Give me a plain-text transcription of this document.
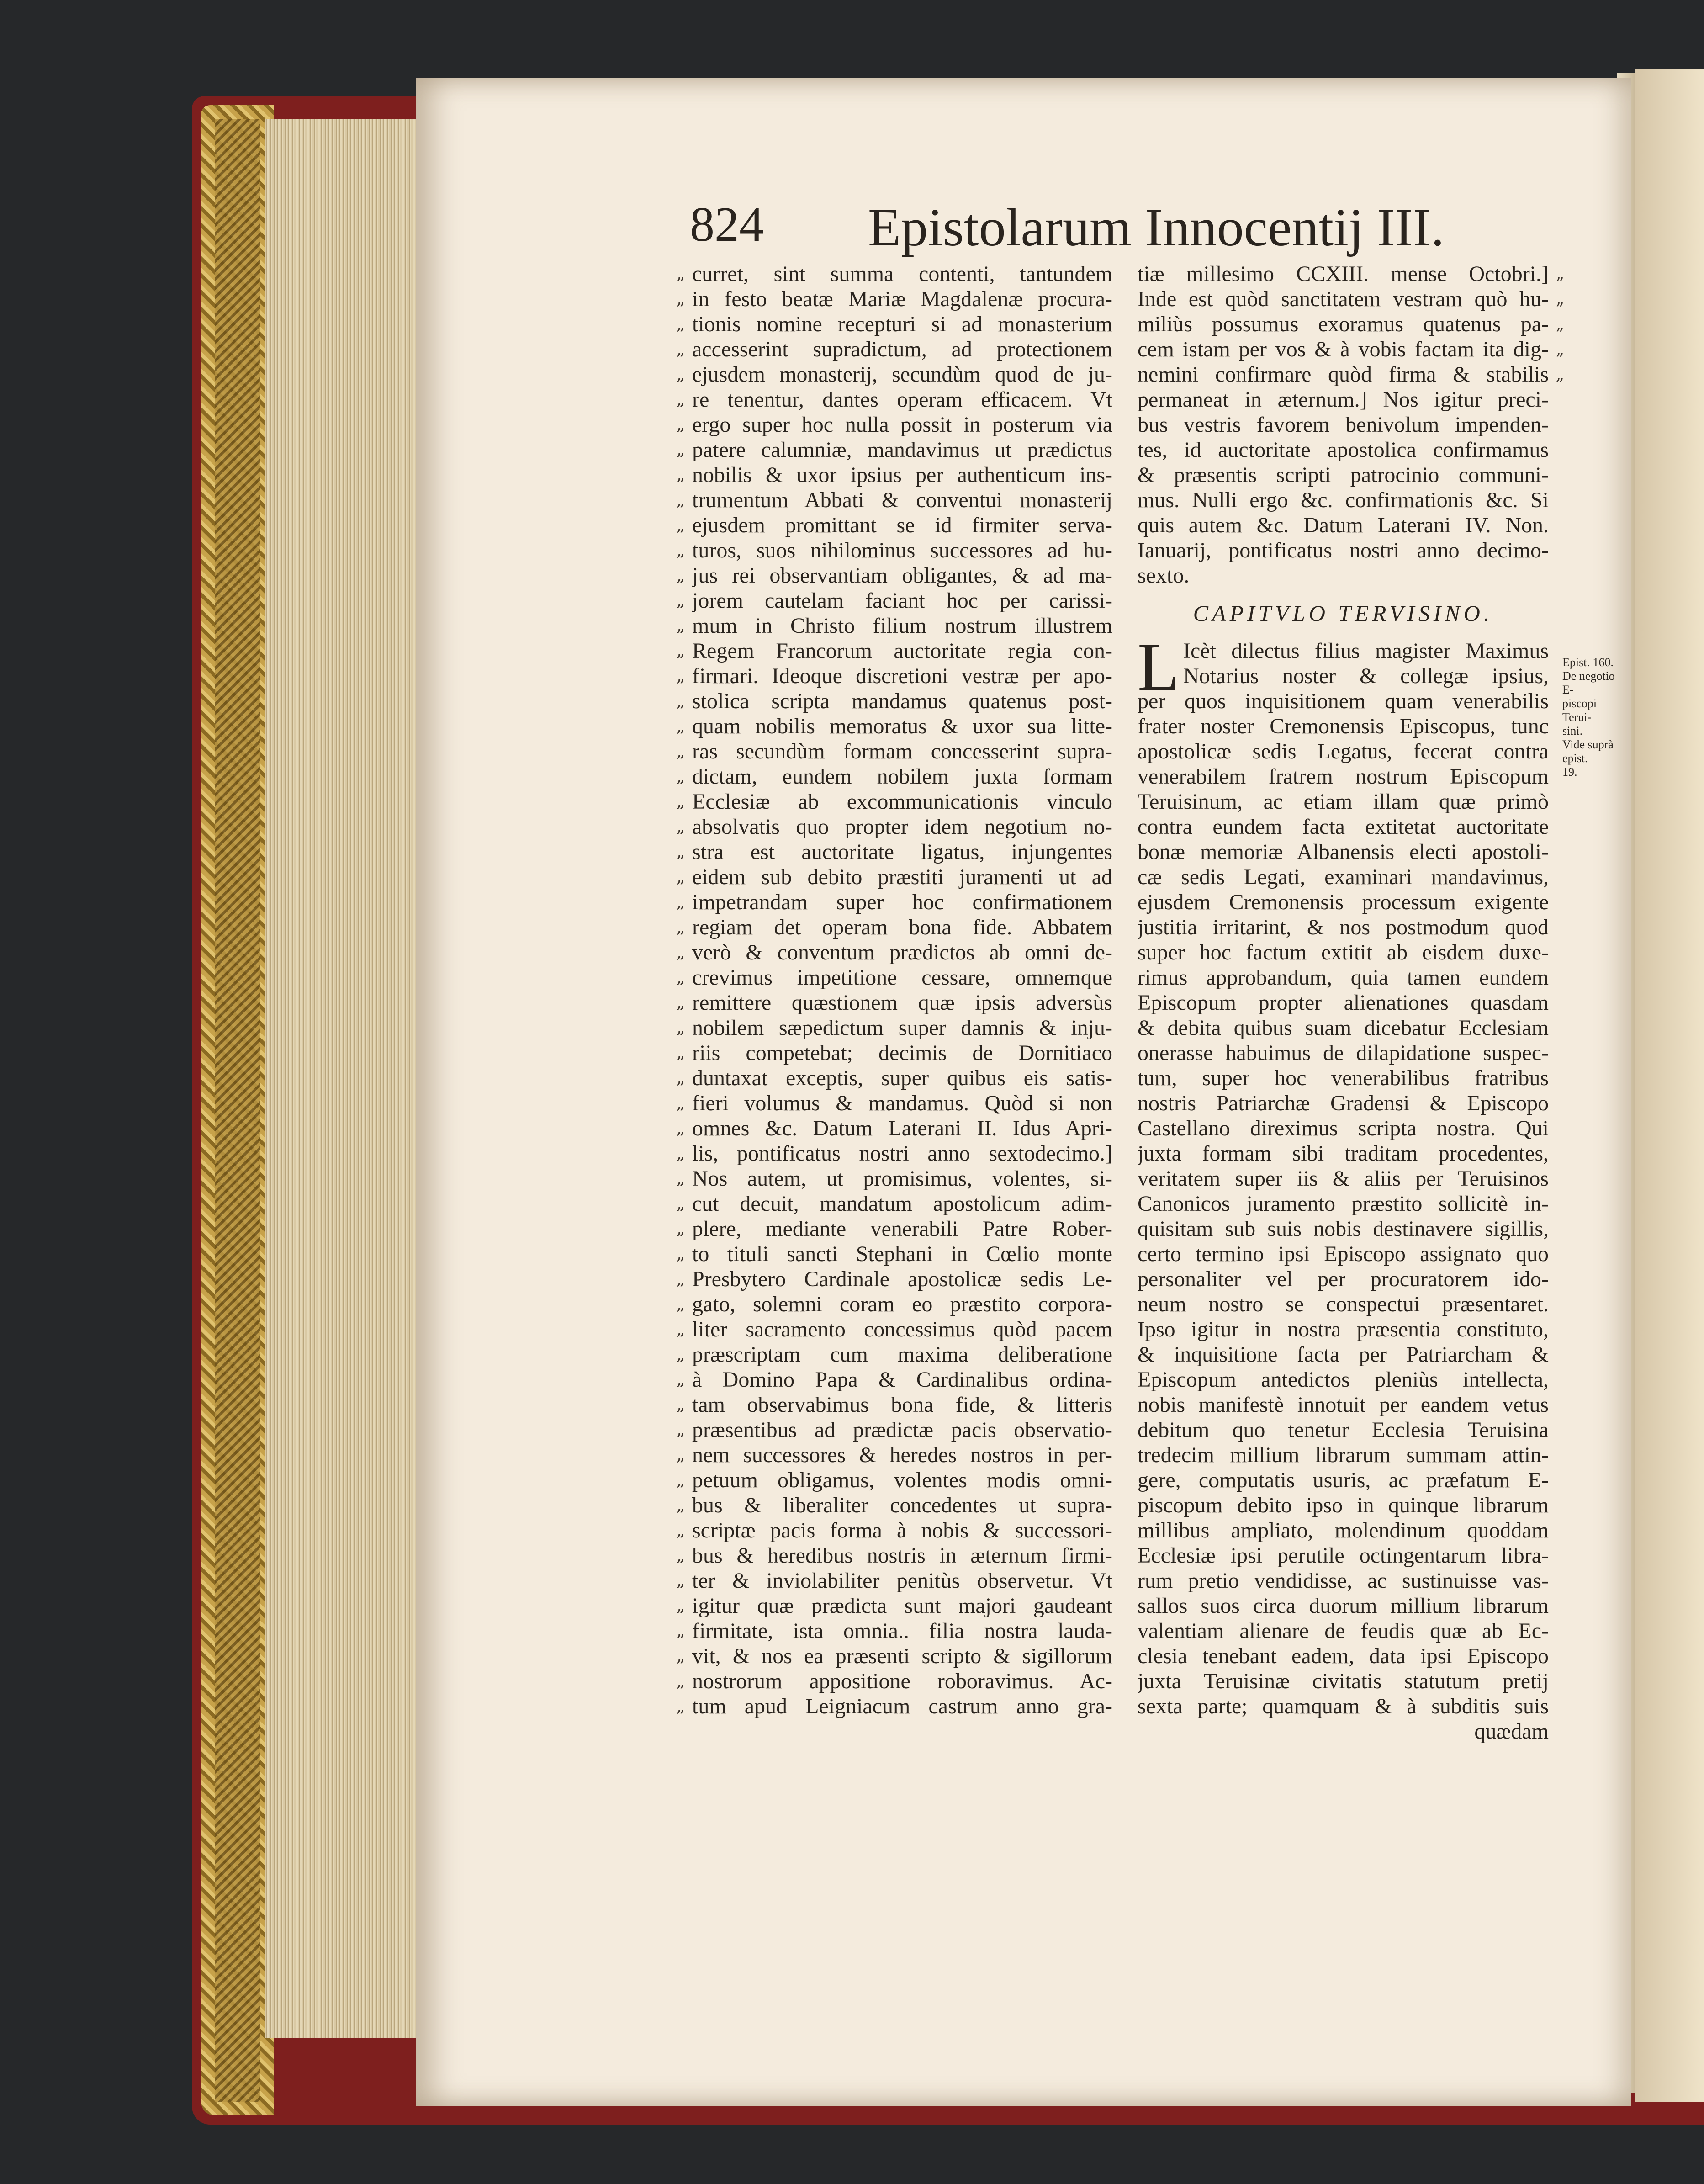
824 Epistolarum Innocentij III.
„
„
„
„
„
„
„
„
„
„
„
„
„
„
„
„
„
„
„
„
„
„
„
„
„
„
„
„
„
„
„
„
„
„
„
„
„
„
„
„
„
„
„
„
„
„
„
„
„
„
„
„
„
„
„
„
„
„
curret, sint summa contenti, tantundem
in festo beatæ Mariæ Magdalenæ procura-
tionis nomine recepturi si ad monasterium
accesserint supradictum, ad protectionem
ejusdem monasterij, secundùm quod de ju-
re tenentur, dantes operam efficacem. Vt
ergo super hoc nulla possit in posterum via
patere calumniæ, mandavimus ut prædictus
nobilis & uxor ipsius per authenticum ins-
trumentum Abbati & conventui monasterij
ejusdem promittant se id firmiter serva-
turos, suos nihilominus successores ad hu-
jus rei observantiam obligantes, & ad ma-
jorem cautelam faciant hoc per carissi-
mum in Christo filium nostrum illustrem
Regem Francorum auctoritate regia con-
firmari. Ideoque discretioni vestræ per apo-
stolica scripta mandamus quatenus post-
quam nobilis memoratus & uxor sua litte-
ras secundùm formam concesserint supra-
dictam, eundem nobilem juxta formam
Ecclesiæ ab excommunicationis vinculo
absolvatis quo propter idem negotium no-
stra est auctoritate ligatus, injungentes
eidem sub debito præstiti juramenti ut ad
impetrandam super hoc confirmationem
regiam det operam bona fide. Abbatem
verò & conventum prædictos ab omni de-
crevimus impetitione cessare, omnemque
remittere quæstionem quæ ipsis adversùs
nobilem sæpedictum super damnis & inju-
riis competebat; decimis de Dornitiaco
duntaxat exceptis, super quibus eis satis-
fieri volumus & mandamus. Quòd si non
omnes &c. Datum Laterani II. Idus Apri-
lis, pontificatus nostri anno sextodecimo.]
Nos autem, ut promisimus, volentes, si-
cut decuit, mandatum apostolicum adim-
plere, mediante venerabili Patre Rober-
to tituli sancti Stephani in Cœlio monte
Presbytero Cardinale apostolicæ sedis Le-
gato, solemni coram eo præstito corpora-
liter sacramento concessimus quòd pacem
præscriptam cum maxima deliberatione
à Domino Papa & Cardinalibus ordina-
tam observabimus bona fide, & litteris
præsentibus ad prædictæ pacis observatio-
nem successores & heredes nostros in per-
petuum obligamus, volentes modis omni-
bus & liberaliter concedentes ut supra-
scriptæ pacis forma à nobis & successori-
bus & heredibus nostris in æternum firmi-
ter & inviolabiliter penitùs observetur. Vt
igitur quæ prædicta sunt majori gaudeant
firmitate, ista omnia.. filia nostra lauda-
vit, & nos ea præsenti scripto & sigillorum
nostrorum appositione roboravimus. Ac-
tum apud Leigniacum castrum anno gra-
„
„
„
„
„
tiæ millesimo CCXIII. mense Octobri.]
Inde est quòd sanctitatem vestram quò hu-
miliùs possumus exoramus quatenus pa-
cem istam per vos & à vobis factam ita dig-
nemini confirmare quòd firma & stabilis
permaneat in æternum.] Nos igitur preci-
bus vestris favorem benivolum impenden-
tes, id auctoritate apostolica confirmamus
& præsentis scripti patrocinio communi-
mus. Nulli ergo &c. confirmationis &c. Si
quis autem &c. Datum Laterani IV. Non.
Ianuarij, pontificatus nostri anno decimo-
sexto.
CAPITVLO TERVISINO.
L Icèt dilectus filius magister Maximus
Notarius noster & collegæ ipsius,
per quos inquisitionem quam venerabilis
frater noster Cremonensis Episcopus, tunc
apostolicæ sedis Legatus, fecerat contra
venerabilem fratrem nostrum Episcopum
Teruisinum, ac etiam illam quæ primò
contra eundem facta extitetat auctoritate
bonæ memoriæ Albanensis electi apostoli-
cæ sedis Legati, examinari mandavimus,
ejusdem Cremonensis processum exigente
justitia irritarint, & nos postmodum quod
super hoc factum extitit ab eisdem duxe-
rimus approbandum, quia tamen eundem
Episcopum propter alienationes quasdam
& debita quibus suam dicebatur Ecclesiam
onerasse habuimus de dilapidatione suspec-
tum, super hoc venerabilibus fratribus
nostris Patriarchæ Gradensi & Episcopo
Castellano direximus scripta nostra. Qui
juxta formam sibi traditam procedentes,
veritatem super iis & aliis per Teruisinos
Canonicos juramento præstito sollicitè in-
quisitam sub suis nobis destinavere sigillis,
certo termino ipsi Episcopo assignato quo
personaliter vel per procuratorem ido-
neum nostro se conspectui præsentaret.
Ipso igitur in nostra præsentia constituto,
& inquisitione facta per Patriarcham &
Episcopum antedictos pleniùs intellecta,
nobis manifestè innotuit per eandem vetus
debitum quo tenetur Ecclesia Teruisina
tredecim millium librarum summam attin-
gere, computatis usuris, ac præfatum E-
piscopum debito ipso in quinque librarum
millibus ampliato, molendinum quoddam
Ecclesiæ ipsi perutile octingentarum libra-
rum pretio vendidisse, ac sustinuisse vas-
sallos suos circa duorum millium librarum
valentiam alienare de feudis quæ ab Ec-
clesia tenebant eadem, data ipsi Episcopo
juxta Teruisinæ civitatis statutum pretij
sexta parte; quamquam & à subditis suis
quædam
Epist. 160.
De negotio E-
piscopi Terui-
sini.
Vide suprà epist.
19.
